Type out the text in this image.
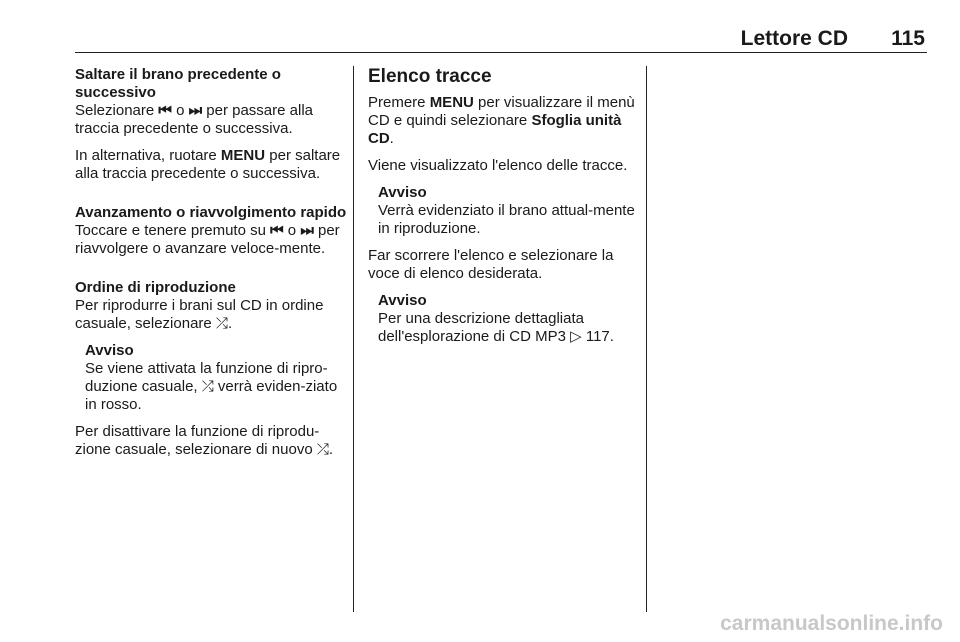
Lettore CD	115

Saltare il brano precedente o successivo

Selezionare ⏮ o ⏭ per passare alla traccia precedente o successiva.

In alternativa, ruotare MENU per saltare alla traccia precedente o successiva.

Avanzamento o riavvolgimento rapido

Toccare e tenere premuto su ⏮ o ⏭ per riavvolgere o avanzare veloce-mente.

Ordine di riproduzione

Per riprodurre i brani sul CD in ordine casuale, selezionare ⤮.

Avviso
Se viene attivata la funzione di ripro-duzione casuale, ⤮ verrà eviden-ziato in rosso.

Per disattivare la funzione di riprodu-zione casuale, selezionare di nuovo ⤮.

Elenco tracce

Premere MENU per visualizzare il menù CD e quindi selezionare Sfoglia unità CD.

Viene visualizzato l'elenco delle tracce.

Avviso
Verrà evidenziato il brano attual-mente in riproduzione.

Far scorrere l'elenco e selezionare la voce di elenco desiderata.

Avviso
Per una descrizione dettagliata dell'esplorazione di CD MP3 ▷ 117.
carmanualsonline.info
